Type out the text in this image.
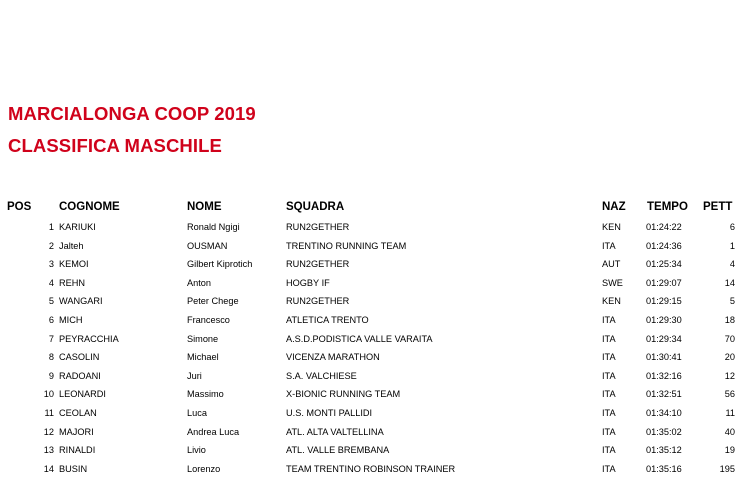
MARCIALONGA COOP 2019
CLASSIFICA MASCHILE
POS COGNOME	NOME	SQUADRA	NAZ TEMPO PETT
1 KARIUKI	Ronald Ngigi	RUN2GETHER	KEN	01:24:22	6
2 Jalteh	OUSMAN	TRENTINO RUNNING TEAM	ITA	01:24:36	1
3 KEMOI	Gilbert Kiprotich	RUN2GETHER	AUT	01:25:34	4
4 REHN	Anton	HOGBY IF	SWE	01:29:07	14
5 WANGARI	Peter Chege	RUN2GETHER	KEN	01:29:15	5
6 MICH	Francesco	ATLETICA TRENTO	ITA	01:29:30	18
7 PEYRACCHIA	Simone	A.S.D.PODISTICA VALLE VARAITA	ITA	01:29:34	70
8 CASOLIN	Michael	VICENZA MARATHON	ITA	01:30:41	20
9 RADOANI	Juri	S.A. VALCHIESE	ITA	01:32:16	12
10 LEONARDI	Massimo	X-BIONIC RUNNING TEAM	ITA	01:32:51	56
11 CEOLAN	Luca	U.S. MONTI PALLIDI	ITA	01:34:10	11
12 MAJORI	Andrea Luca	ATL. ALTA VALTELLINA	ITA	01:35:02	40
13 RINALDI	Livio	ATL. VALLE BREMBANA	ITA	01:35:12	19
14 BUSIN	Lorenzo	TEAM TRENTINO ROBINSON TRAINER	ITA	01:35:16	195
